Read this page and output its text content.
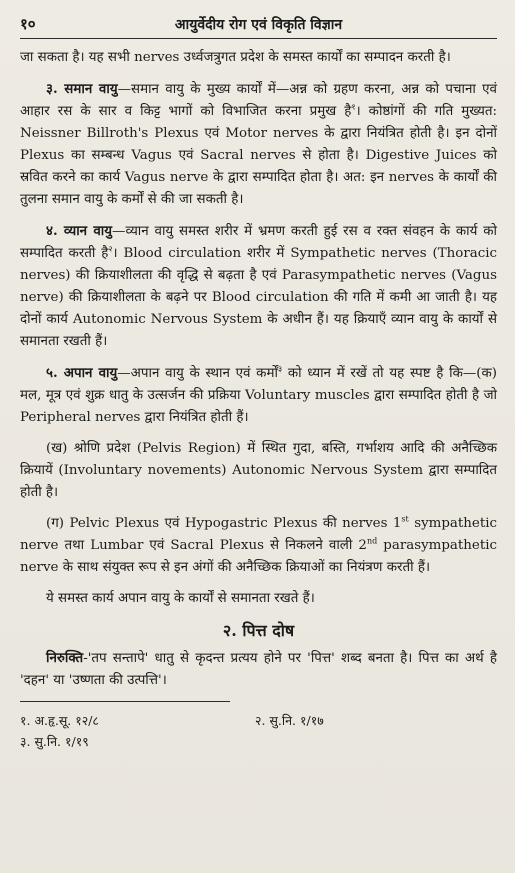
१०	आयुर्वेदीय रोग एवं विकृति विज्ञान

जा सकता है। यह सभी nerves उर्ध्वजत्रुगत प्रदेश के समस्त कार्यों का सम्पादन करती है।

३. समान वायु—समान वायु के मुख्य कार्यों में—अन्न को ग्रहण करना, अन्न को पचाना एवं आहार रस के सार व किट्ट भागों को विभाजित करना प्रमुख है$^१$। कोष्ठांगों की गति मुख्यत: Neissner Billroth's Plexus एवं Motor nerves के द्वारा नियंत्रित होती है। इन दोनों Plexus का सम्बन्ध Vagus एवं Sacral nerves से होता है। Digestive Juices को स्रवित करने का कार्य Vagus nerve के द्वारा सम्पादित होता है। अत: इन nerves के कार्यों की तुलना समान वायु के कर्मों से की जा सकती है।

४. व्यान वायु—व्यान वायु समस्त शरीर में भ्रमण करती हुई रस व रक्त संवहन के कार्य को सम्पादित करती है$^२$। Blood circulation शरीर में Sympathetic nerves (Thoracic nerves) की क्रियाशीलता की वृद्धि से बढ़ता है एवं Parasympathetic nerves (Vagus nerve) की क्रियाशीलता के बढ़ने पर Blood circulation की गति में कमी आ जाती है। यह दोनों कार्य Autonomic Nervous System के अधीन हैं। यह क्रियाएँ व्यान वायु के कार्यों से समानता रखती हैं।

५. अपान वायु—अपान वायु के स्थान एवं कर्मों$^३$ को ध्यान में रखें तो यह स्पष्ट है कि—(क) मल, मूत्र एवं शुक्र धातु के उत्सर्जन की प्रक्रिया Voluntary muscles द्वारा सम्पादित होती है जो Peripheral nerves द्वारा नियंत्रित होती हैं।

(ख) श्रोणि प्रदेश (Pelvis Region) में स्थित गुदा, बस्ति, गर्भाशय आदि की अनैच्छिक क्रियायें (Involuntary novements) Autonomic Nervous System द्वारा सम्पादित होती है।

(ग) Pelvic Plexus एवं Hypogastric Plexus की nerves 1st sympathetic nerve तथा Lumbar एवं Sacral Plexus से निकलने वाली 2nd parasympathetic nerve के साथ संयुक्त रूप से इन अंगों की अनैच्छिक क्रियाओं का नियंत्रण करती हैं।

ये समस्त कार्य अपान वायु के कार्यों से समानता रखते हैं।

२. पित्त दोष

निरुक्ति-'तप सन्तापे' धातु से कृदन्त प्रत्यय होने पर 'पित्त' शब्द बनता है। पित्त का अर्थ है 'दहन' या 'उष्णता की उत्पत्ति'।

१. अ.हृ.सू. १२/८	२. सु.नि. १/१७
३. सु.नि. १/१९
